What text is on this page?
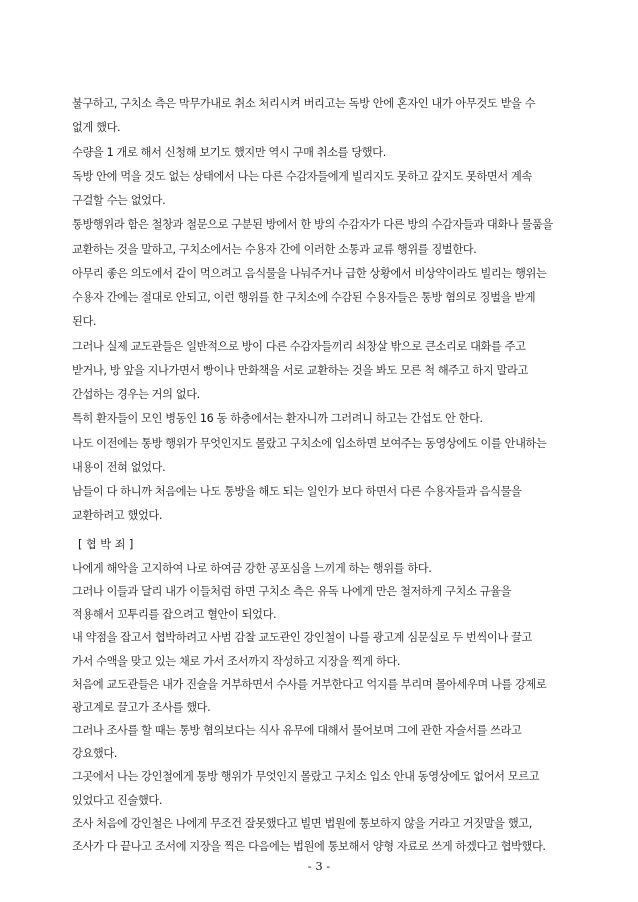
불구하고, 구치소 측은 막무가내로 취소 처리시켜 버리고는 독방 안에 혼자인 내가 아무것도 받을 수
없게 했다.
수량을 1 개로 해서 신청해 보기도 했지만 역시 구매 취소를 당했다.
독방 안에 먹을 것도 없는 상태에서 나는 다른 수감자들에게 빌리지도 못하고 갚지도 못하면서 계속
구걸할 수는 없었다.
통방행위라 함은 철창과 철문으로 구분된 방에서 한 방의 수감자가 다른 방의 수감자들과 대화나 물품을
교환하는 것을 말하고, 구치소에서는 수용자 간에 이러한 소통과 교류 행위를 징벌한다.
아무리 좋은 의도에서 같이 먹으려고 음식물을 나눠주거나 급한 상황에서 비상약이라도 빌리는 행위는
수용자 간에는 절대로 안되고, 이런 행위를 한 구치소에 수감된 수용자들은 통방 혐의로 징벌을 받게
된다.
그러나 실제 교도관들은 일반적으로 방이 다른 수감자들끼리 쇠창살 밖으로 큰소리로 대화를 주고
받거나, 방 앞을 지나가면서 빵이나 만화책을 서로 교환하는 것을 봐도 모른 척 해주고 하지 말라고
간섭하는 경우는 거의 없다.
특히 환자들이 모인 병동인 16 동 하층에서는 환자니까 그러려니 하고는 간섭도 안 한다.
나도 이전에는 통방 행위가 무엇인지도 몰랐고 구치소에 입소하면 보여주는 동영상에도 이를 안내하는
내용이 전혀 없었다.
남들이 다 하니까 처음에는 나도 통방을 해도 되는 일인가 보다 하면서 다른 수용자들과 음식물을
교환하려고 했었다.
[ 협 박 죄 ]
나에게 해악을 고지하여 나로 하여금 강한 공포심을 느끼게 하는 행위를 하다.
그러나 이들과 달리 내가 이들처럼 하면 구치소 측은 유독 나에게 만은 철저하게 구치소 규율을
적용해서 꼬투리를 잡으려고 혈안이 되었다.
내 약점을 잡고서 협박하려고 사범 감찰 교도관인 강인철이 나를 광고계 심문실로 두 번씩이나 끌고
가서 수액을 맞고 있는 채로 가서 조서까지 작성하고 지장을 찍게 하다.
처음에 교도관들은 내가 진술을 거부하면서 수사를 거부한다고 억지를 부리며 몰아세우며 나를 강제로
광고계로 끌고가 조사를 했다.
그러나 조사를 할 때는 통방 혐의보다는 식사 유무에 대해서 물어보며 그에 관한 자술서를 쓰라고
강요했다.
그곳에서 나는 강인철에게 통방 행위가 무엇인지 몰랐고 구치소 입소 안내 동영상에도 없어서 모르고
있었다고 진술했다.
조사 처음에 강인철은 나에게 무조건 잘못했다고 빌면 법원에 통보하지 않을 거라고 거짓말을 했고,
조사가 다 끝나고 조서에 지장을 찍은 다음에는 법원에 통보해서 양형 자료로 쓰게 하겠다고 협박했다.
- 3 -
